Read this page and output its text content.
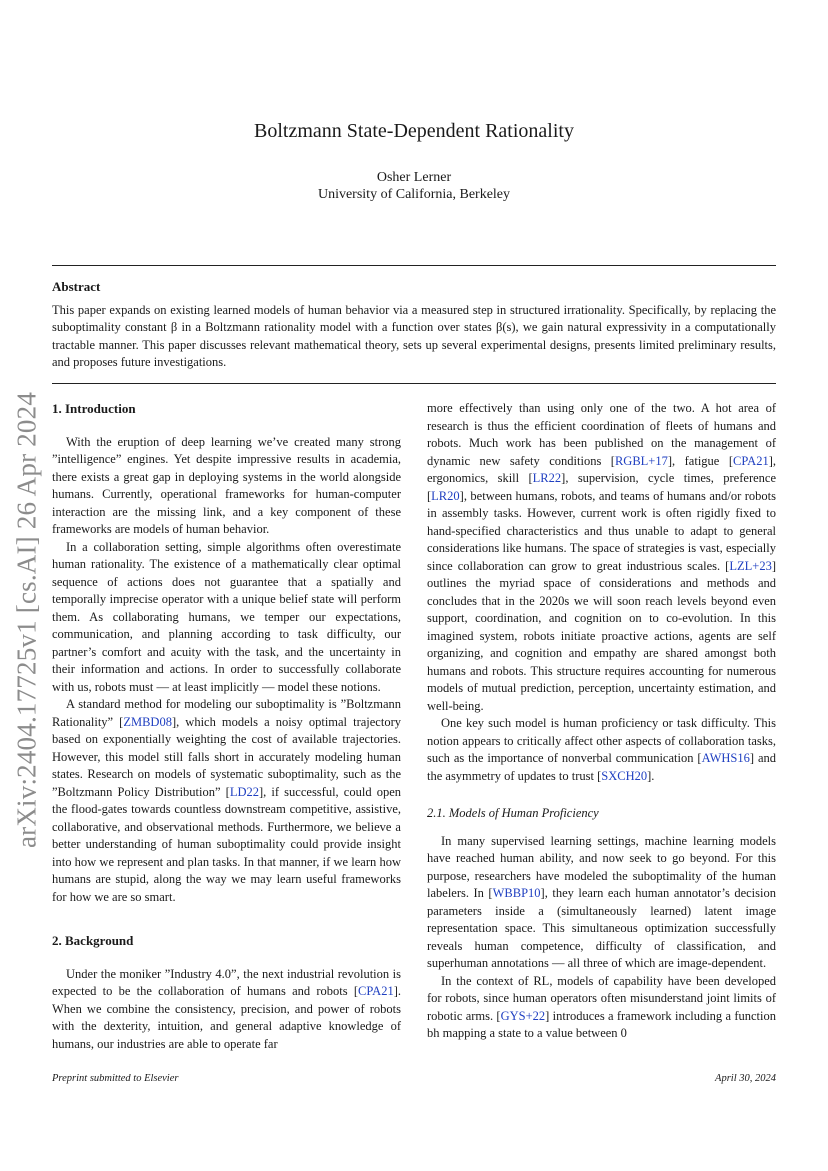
arXiv:2404.17725v1 [cs.AI] 26 Apr 2024
Boltzmann State-Dependent Rationality
Osher Lerner
University of California, Berkeley
Abstract
This paper expands on existing learned models of human behavior via a measured step in structured irrationality. Specifically, by replacing the suboptimality constant β in a Boltzmann rationality model with a function over states β(s), we gain natural expressivity in a computationally tractable manner. This paper discusses relevant mathematical theory, sets up several experimental designs, presents limited preliminary results, and proposes future investigations.
1. Introduction

With the eruption of deep learning we’ve created many strong ”intelligence” engines. Yet despite impressive results in academia, there exists a great gap in deploying systems in the world alongside humans. Currently, operational frameworks for human-computer interaction are the missing link, and a key component of these frameworks are models of human behavior.

In a collaboration setting, simple algorithms often overestimate human rationality. The existence of a mathematically clear optimal sequence of actions does not guarantee that a spatially and temporally imprecise operator with a unique belief state will perform them. As collaborating humans, we temper our expectations, communication, and planning according to task difficulty, our partner’s comfort and acuity with the task, and the uncertainty in their information and actions. In order to successfully collaborate with us, robots must — at least implicitly — model these notions.

A standard method for modeling our suboptimality is ”Boltzmann Rationality” [ZMBD08], which models a noisy optimal trajectory based on exponentially weighting the cost of available trajectories. However, this model still falls short in accurately modeling human states. Research on models of systematic suboptimality, such as the ”Boltzmann Policy Distribution” [LD22], if successful, could open the flood-gates towards countless downstream competitive, assistive, collaborative, and observational methods. Furthermore, we believe a better understanding of human suboptimality could provide insight into how we represent and plan tasks. In that manner, if we learn how humans are stupid, along the way we may learn useful frameworks for how we are so smart.

2. Background

Under the moniker ”Industry 4.0”, the next industrial revolution is expected to be the collaboration of humans and robots [CPA21]. When we combine the consistency, precision, and power of robots with the dexterity, intuition, and general adaptive knowledge of humans, our industries are able to operate far

more effectively than using only one of the two. A hot area of research is thus the efficient coordination of fleets of humans and robots. Much work has been published on the management of dynamic new safety conditions [RGBL+17], fatigue [CPA21], ergonomics, skill [LR22], supervision, cycle times, preference [LR20], between humans, robots, and teams of humans and/or robots in assembly tasks. However, current work is often rigidly fixed to hand-specified characteristics and thus unable to adapt to general considerations like humans. The space of strategies is vast, especially since collaboration can grow to great industrious scales. [LZL+23] outlines the myriad space of considerations and methods and concludes that in the 2020s we will soon reach levels beyond even support, coordination, and cognition on to co-evolution. In this imagined system, robots initiate proactive actions, agents are self organizing, and cognition and empathy are shared amongst both humans and robots. This structure requires accounting for numerous models of mutual prediction, perception, uncertainty estimation, and well-being.

One key such model is human proficiency or task difficulty. This notion appears to critically affect other aspects of collaboration tasks, such as the importance of nonverbal communication [AWHS16] and the asymmetry of updates to trust [SXCH20].

2.1. Models of Human Proficiency

In many supervised learning settings, machine learning models have reached human ability, and now seek to go beyond. For this purpose, researchers have modeled the suboptimality of the human labelers. In [WBBP10], they learn each human annotator’s decision parameters inside a (simultaneously learned) latent image representation space. This simultaneous optimization successfully reveals human competence, difficulty of classification, and superhuman annotations — all three of which are image-dependent.

In the context of RL, models of capability have been developed for robots, since human operators often misunderstand joint limits of robotic arms. [GYS+22] introduces a framework including a function bh mapping a state to a value between 0

Preprint submitted to Elsevier	April 30, 2024
